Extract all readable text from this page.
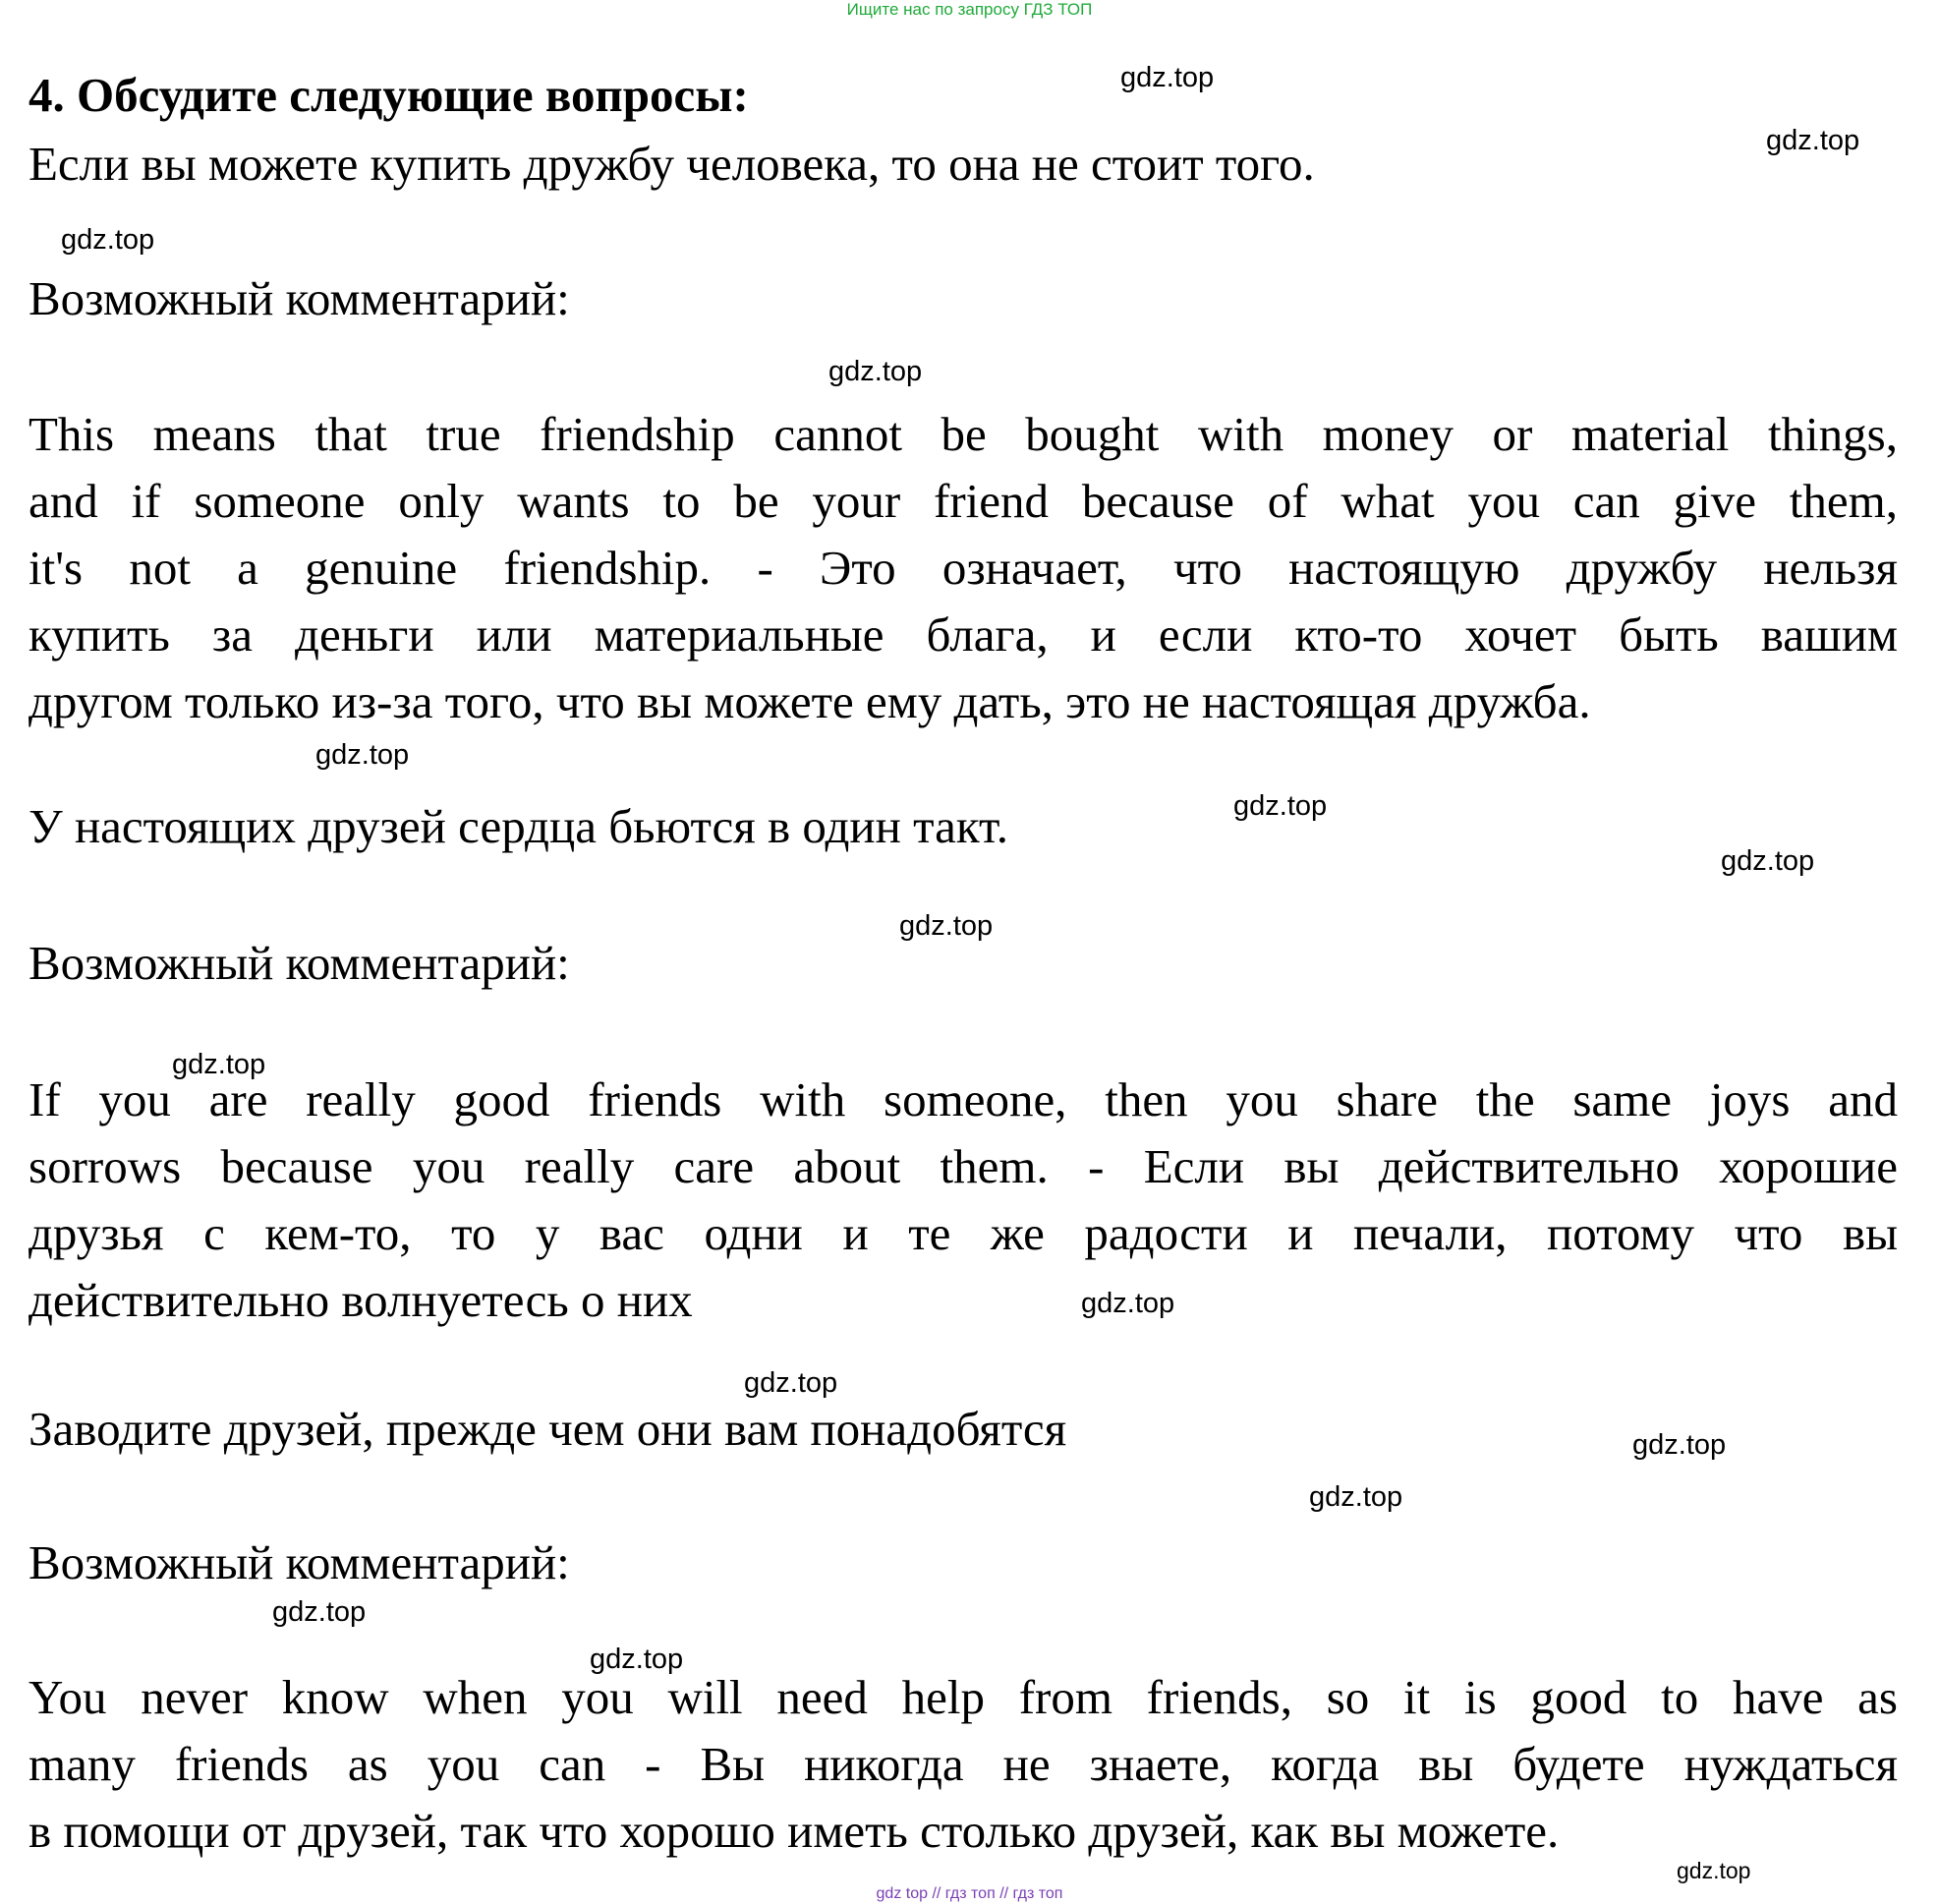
Ищите нас по запросу ГДЗ ТОП
4. Обсудите следующие вопросы:
Если вы можете купить дружбу человека, то она не стоит того.
Возможный комментарий:
This means that true friendship cannot be bought with money or material things,
and if someone only wants to be your friend because of what you can give them,
it's not a genuine friendship. - Это означает, что настоящую дружбу нельзя
купить за деньги или материальные блага, и если кто-то хочет быть вашим
другом только из-за того, что вы можете ему дать, это не настоящая дружба.
У настоящих друзей сердца бьются в один такт.
Возможный комментарий:
If you are really good friends with someone, then you share the same joys and
sorrows because you really care about them. - Если вы действительно хорошие
друзья с кем-то, то у вас одни и те же радости и печали, потому что вы
действительно волнуетесь о них
Заводите друзей, прежде чем они вам понадобятся
Возможный комментарий:
You never know when you will need help from friends, so it is good to have as
many friends as you can - Вы никогда не знаете, когда вы будете нуждаться
в помощи от друзей, так что хорошо иметь столько друзей, как вы можете.
gdz.top
gdz.top
gdz.top
gdz.top
gdz.top
gdz.top
gdz.top
gdz.top
gdz.top
gdz.top
gdz.top
gdz.top
gdz.top
gdz.top
gdz.top
gdz.top
gdz top // гдз топ // гдз топ
